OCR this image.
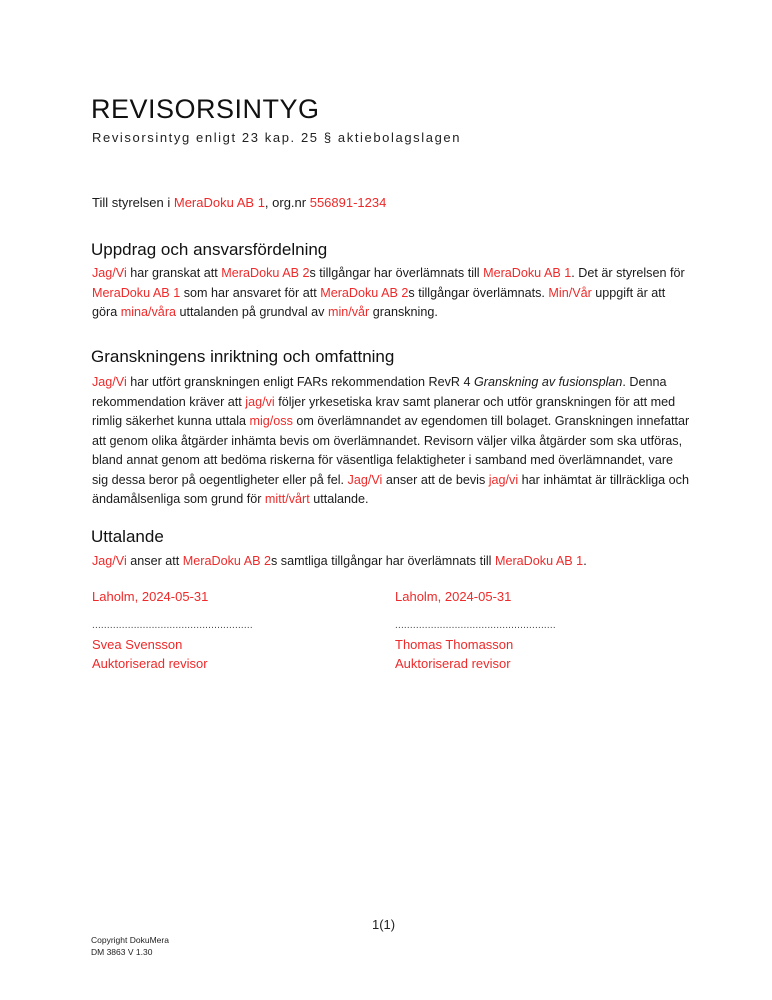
REVISORSINTYG

Revisorsintyg enligt 23 kap. 25 § aktiebolagslagen

Till styrelsen i MeraDoku AB 1, org.nr 556891-1234

Uppdrag och ansvarsfördelning

Jag/Vi har granskat att MeraDoku AB 2s tillgångar har överlämnats till MeraDoku AB 1. Det är styrelsen för MeraDoku AB 1 som har ansvaret för att MeraDoku AB 2s tillgångar överlämnats. Min/Vår uppgift är att göra mina/våra uttalanden på grundval av min/vår granskning.

Granskningens inriktning och omfattning

Jag/Vi har utfört granskningen enligt FARs rekommendation RevR 4 Granskning av fusionsplan. Denna rekommendation kräver att jag/vi följer yrkesetiska krav samt planerar och utför granskningen för att med rimlig säkerhet kunna uttala mig/oss om överlämnandet av egendomen till bolaget. Granskningen innefattar att genom olika åtgärder inhämta bevis om överlämnandet. Revisorn väljer vilka åtgärder som ska utföras, bland annat genom att bedöma riskerna för väsentliga felaktigheter i samband med överlämnandet, vare sig dessa beror på oegentligheter eller på fel. Jag/Vi anser att de bevis jag/vi har inhämtat är tillräckliga och ändamålsenliga som grund för mitt/vårt uttalande.

Uttalande

Jag/Vi anser att MeraDoku AB 2s samtliga tillgångar har överlämnats till MeraDoku AB 1.

Laholm, 2024-05-31

......................................................

Svea Svensson

Auktoriserad revisor

Laholm, 2024-05-31

......................................................

Thomas Thomasson

Auktoriserad revisor

1(1)

Copyright DokuMera

DM 3863 V 1.30
